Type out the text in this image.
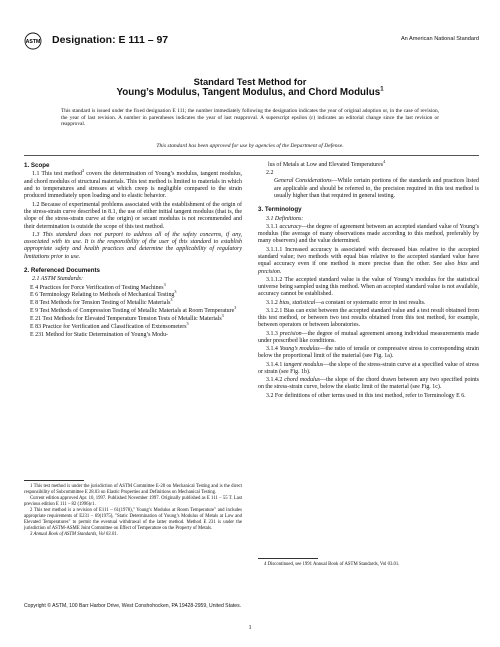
ASTM Designation: E 111 – 97	An American National Standard
Standard Test Method for
Young’s Modulus, Tangent Modulus, and Chord Modulus$^1$
This standard is issued under the fixed designation E 111; the number immediately following the designation indicates the year of original adoption or, in the case of revision, the year of last revision. A number in parentheses indicates the year of last reapproval. A superscript epsilon (ε) indicates an editorial change since the last revision or reapproval.
This standard has been approved for use by agencies of the Department of Defense.

1. Scope

1.1 This test method$^2$ covers the determination of Young’s modulus, tangent modulus, and chord modulus of structural materials. This test method is limited to materials in which and to temperatures and stresses at which creep is negligible compared to the strain produced immediately upon loading and to elastic behavior.

1.2 Because of experimental problems associated with the establishment of the origin of the stress-strain curve described in 8.1, the use of either initial tangent modulus (that is, the slope of the stress-strain curve at the origin) or secant modulus is not recommended and their determination is outside the scope of this test method.

1.3 This standard does not purport to address all of the safety concerns, if any, associated with its use. It is the responsibility of the user of this standard to establish appropriate safety and health practices and determine the applicability of regulatory limitations prior to use.

2. Referenced Documents

2.1 ASTM Standards:

E 4 Practices for Force Verification of Testing Machines$^3$

E 6 Terminology Relating to Methods of Mechanical Testing$^3$

E 8 Test Methods for Tension Testing of Metallic Materials$^3$

E 9 Test Methods of Compression Testing of Metallic Materials at Room Temperature$^3$

E 21 Test Methods for Elevated Temperature Tension Tests of Metallic Materials$^3$

E 83 Practice for Verification and Classification of Extensometers$^3$

E 231 Method for Static Determination of Young’s Modu-

1 This test method is under the jurisdiction of ASTM Committee E-28 on Mechanical Testing and is the direct responsibility of Subcommittee E 28.03 on Elastic Properties and Definitions on Mechanical Testing.

Current edition approved Apr. 10, 1997. Published November 1997. Originally published as E 111 – 55 T. Last previous edition E 111 – 82 (1996)ε1.

2 This test method is a revision of E111 – 61(1978)," Young’s Modulus at Room Temperature" and includes appropriate requirements of E231 – 69(1975), "Static Determination of Young’s Modulus of Metals at Low and Elevated Temperatures" to permit the eventual withdrawal of the latter method. Method E 231 is under the jurisdiction of ASTM-ASME Joint Committee on Effect of Temperature on the Property of Metals.

3 Annual Book of ASTM Standards, Vol 03.01.

lus of Metals at Low and Elevated Temperatures$^4$

2.2

General Considerations—While certain portions of the standards and practices listed are applicable and should be referred to, the precision required in this test method is usually higher than that required in general testing.

3. Terminology

3.1 Definitions:

3.1.1 accuracy—the degree of agreement between an accepted standard value of Young’s modulus (the average of many observations made according to this method, preferably by many observers) and the value determined.

3.1.1.1 Increased accuracy is associated with decreased bias relative to the accepted standard value; two methods with equal bias relative to the accepted standard value have equal accuracy even if one method is more precise than the other. See also bias and precision.

3.1.1.2 The accepted standard value is the value of Young’s modulus for the statistical universe being sampled using this method. When an accepted standard value is not available, accuracy cannot be established.

3.1.2 bias, statistical—a constant or systematic error in test results.

3.1.2.1 Bias can exist between the accepted standard value and a test result obtained from this test method, or between two test results obtained from this test method, for example, between operators or between laboratories.

3.1.3 precision—the degree of mutual agreement among individual measurements made under prescribed like conditions.

3.1.4 Young’s modulus—the ratio of tensile or compressive stress to corresponding strain below the proportional limit of the material (see Fig. 1a).

3.1.4.1 tangent modulus—the slope of the stress-strain curve at a specified value of stress or strain (see Fig. 1b).

3.1.4.2 chord modulus—the slope of the chord drawn between any two specified points on the stress-strain curve, below the elastic limit of the material (see Fig. 1c).

3.2 For definitions of other terms used in this test method, refer to Terminology E 6.

4 Discontinued, see 1991 Annual Book of ASTM Standards, Vol 03.01.

Copyright © ASTM, 100 Barr Harbor Drive, West Conshohocken, PA 19428-2959, United States.
1
